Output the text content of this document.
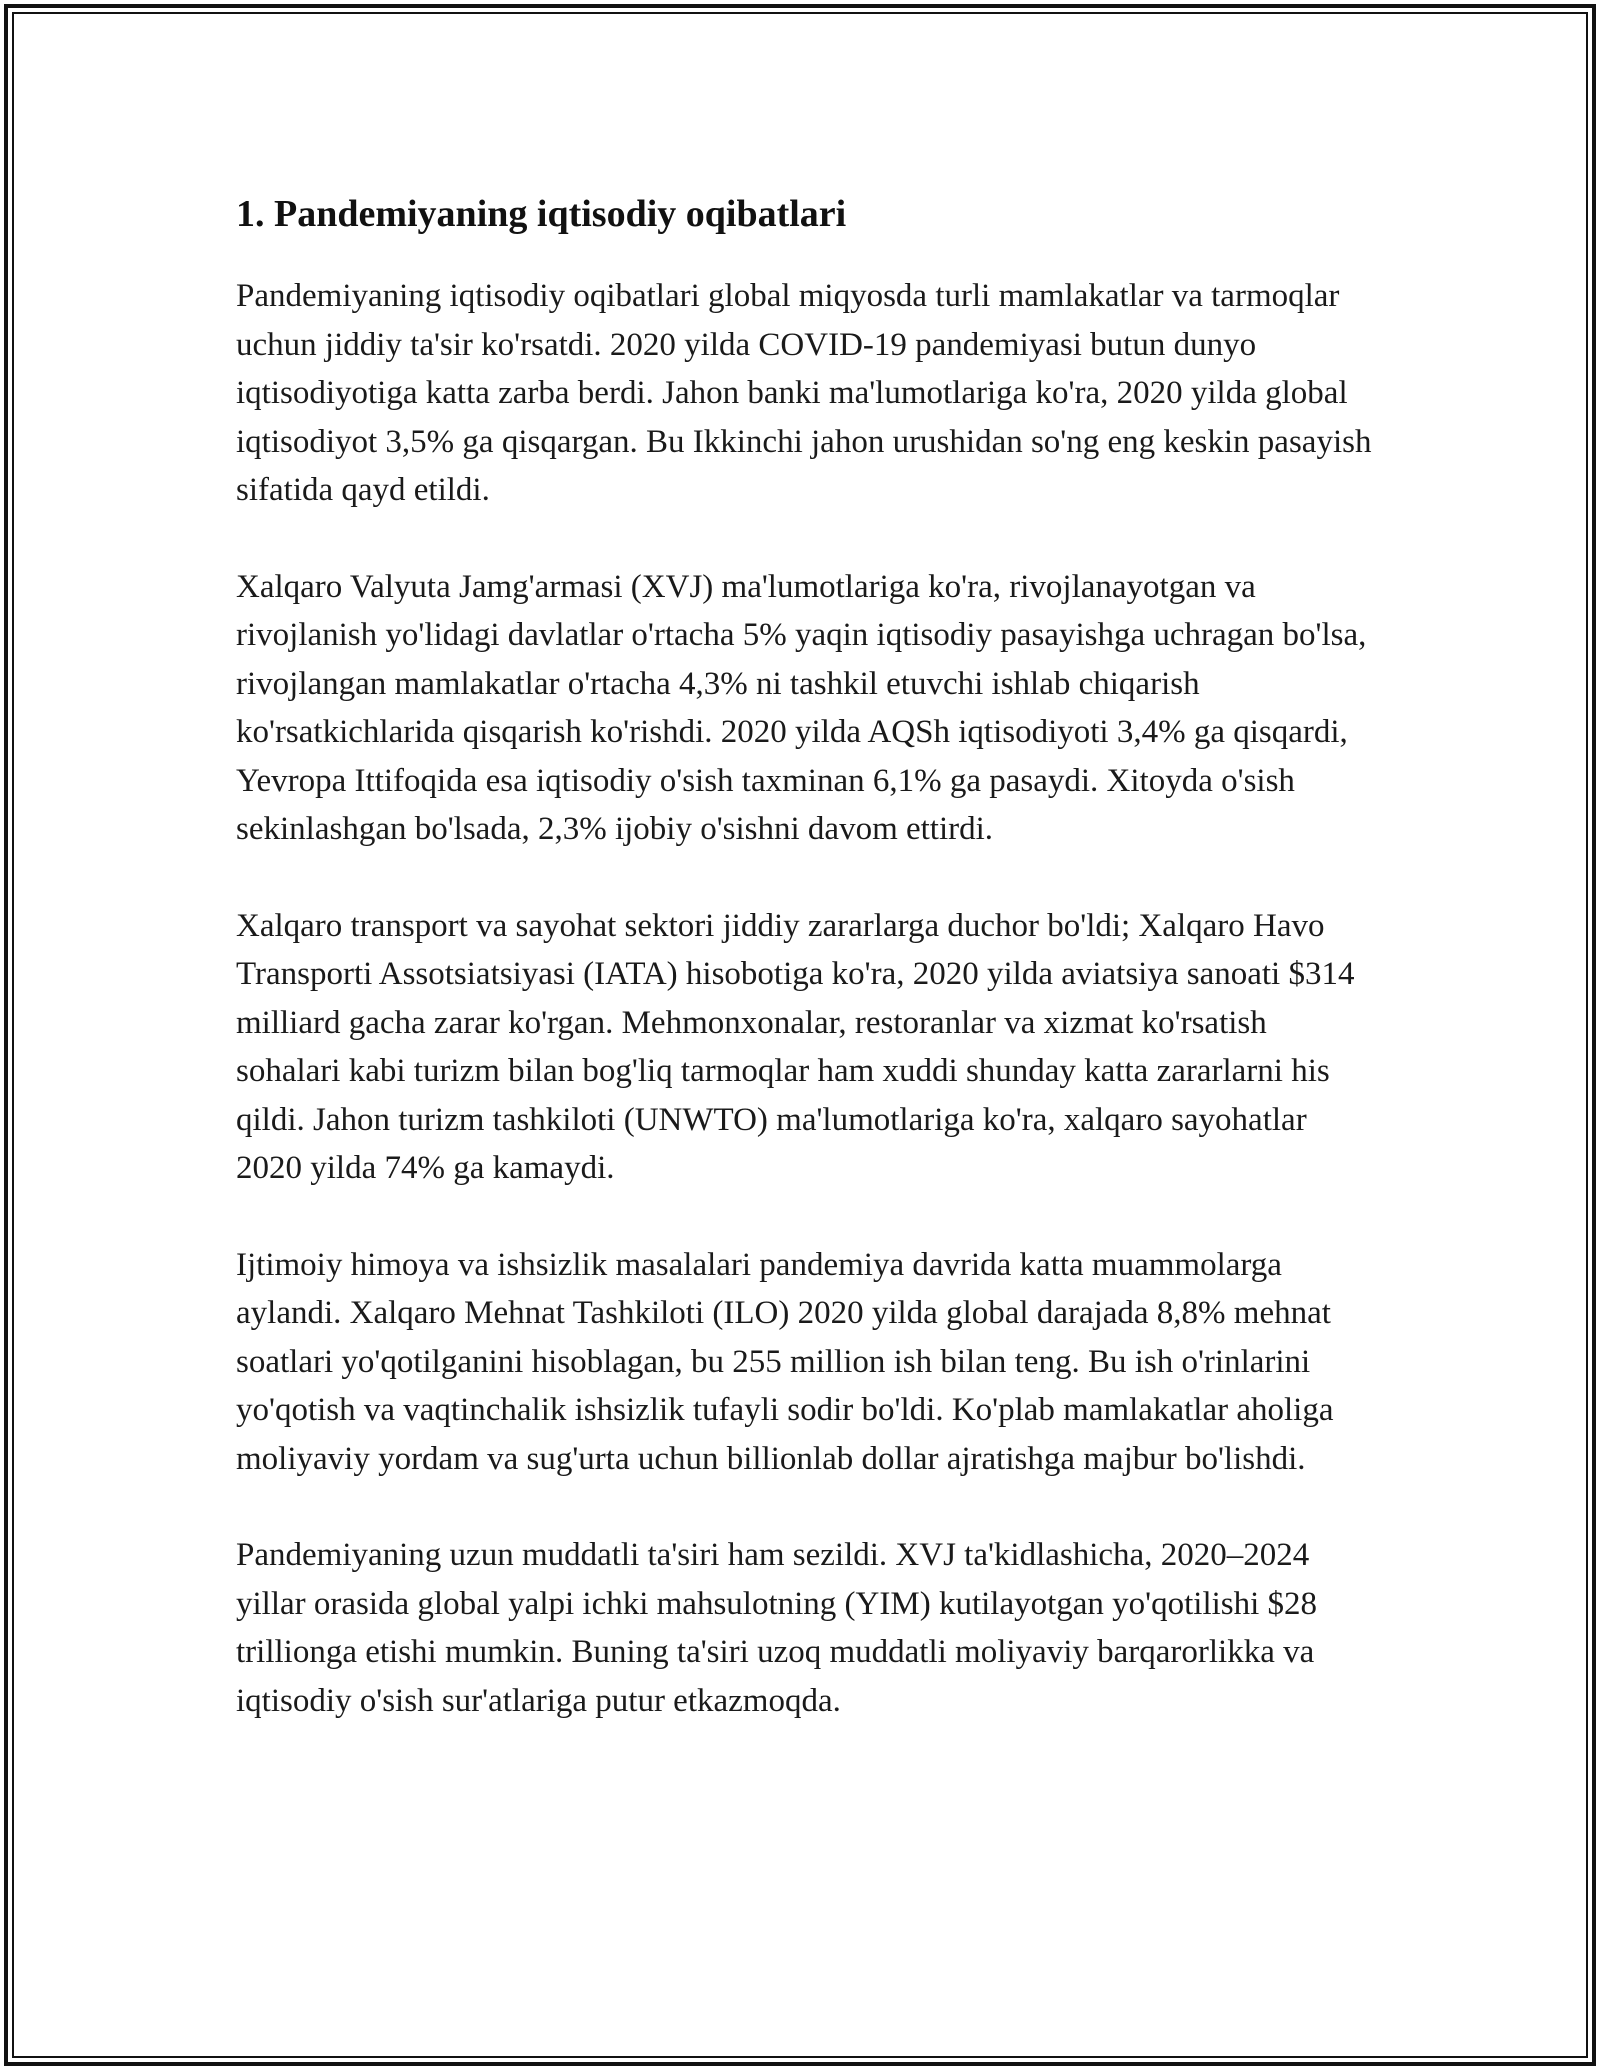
1. Pandemiyaning iqtisodiy oqibatlari

Pandemiyaning iqtisodiy oqibatlari global miqyosda turli mamlakatlar va tarmoqlar uchun jiddiy ta'sir ko'rsatdi. 2020 yilda COVID-19 pandemiyasi butun dunyo iqtisodiyotiga katta zarba berdi. Jahon banki ma'lumotlariga ko'ra, 2020 yilda global iqtisodiyot 3,5% ga qisqargan. Bu Ikkinchi jahon urushidan so'ng eng keskin pasayish sifatida qayd etildi.

Xalqaro Valyuta Jamg'armasi (XVJ) ma'lumotlariga ko'ra, rivojlanayotgan va rivojlanish yo'lidagi davlatlar o'rtacha 5% yaqin iqtisodiy pasayishga uchragan bo'lsa, rivojlangan mamlakatlar o'rtacha 4,3% ni tashkil etuvchi ishlab chiqarish ko'rsatkichlarida qisqarish ko'rishdi. 2020 yilda AQSh iqtisodiyoti 3,4% ga qisqardi, Yevropa Ittifoqida esa iqtisodiy o'sish taxminan 6,1% ga pasaydi. Xitoyda o'sish sekinlashgan bo'lsada, 2,3% ijobiy o'sishni davom ettirdi.

Xalqaro transport va sayohat sektori jiddiy zararlarga duchor bo'ldi; Xalqaro Havo Transporti Assotsiatsiyasi (IATA) hisobotiga ko'ra, 2020 yilda aviatsiya sanoati $314 milliard gacha zarar ko'rgan. Mehmonxonalar, restoranlar va xizmat ko'rsatish sohalari kabi turizm bilan bog'liq tarmoqlar ham xuddi shunday katta zararlarni his qildi. Jahon turizm tashkiloti (UNWTO) ma'lumotlariga ko'ra, xalqaro sayohatlar 2020 yilda 74% ga kamaydi.

Ijtimoiy himoya va ishsizlik masalalari pandemiya davrida katta muammolarga aylandi. Xalqaro Mehnat Tashkiloti (ILO) 2020 yilda global darajada 8,8% mehnat soatlari yo'qotilganini hisoblagan, bu 255 million ish bilan teng. Bu ish o'rinlarini yo'qotish va vaqtinchalik ishsizlik tufayli sodir bo'ldi. Ko'plab mamlakatlar aholiga moliyaviy yordam va sug'urta uchun billionlab dollar ajratishga majbur bo'lishdi.

Pandemiyaning uzun muddatli ta'siri ham sezildi. XVJ ta'kidlashicha, 2020–2024 yillar orasida global yalpi ichki mahsulotning (YIM) kutilayotgan yo'qotilishi $28 trillionga etishi mumkin. Buning ta'siri uzoq muddatli moliyaviy barqarorlikka va iqtisodiy o'sish sur'atlariga putur etkazmoqda.
